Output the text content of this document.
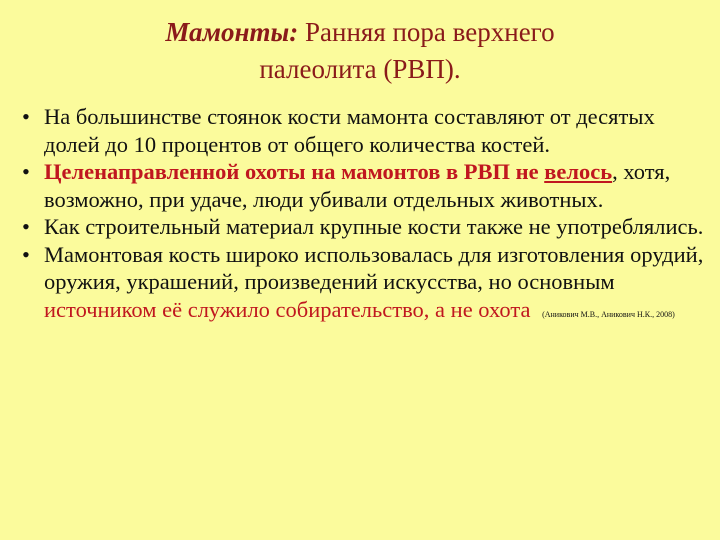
Мамонты: Ранняя пора верхнего
палеолита (РВП).

• На большинстве стоянок кости мамонта составляют от десятых долей до 10 процентов от общего количества костей.

• Целенаправленной охоты на мамонтов в РВП не велось, хотя, возможно, при удаче, люди убивали отдельных животных.

• Как строительный материал крупные кости также не употреблялись.

• Мамонтовая кость широко использовалась для изготовления орудий, оружия, украшений, произведений искусства, но основным источником её служило собирательство, а не охота (Аникович М.В., Аникович Н.К., 2008)
